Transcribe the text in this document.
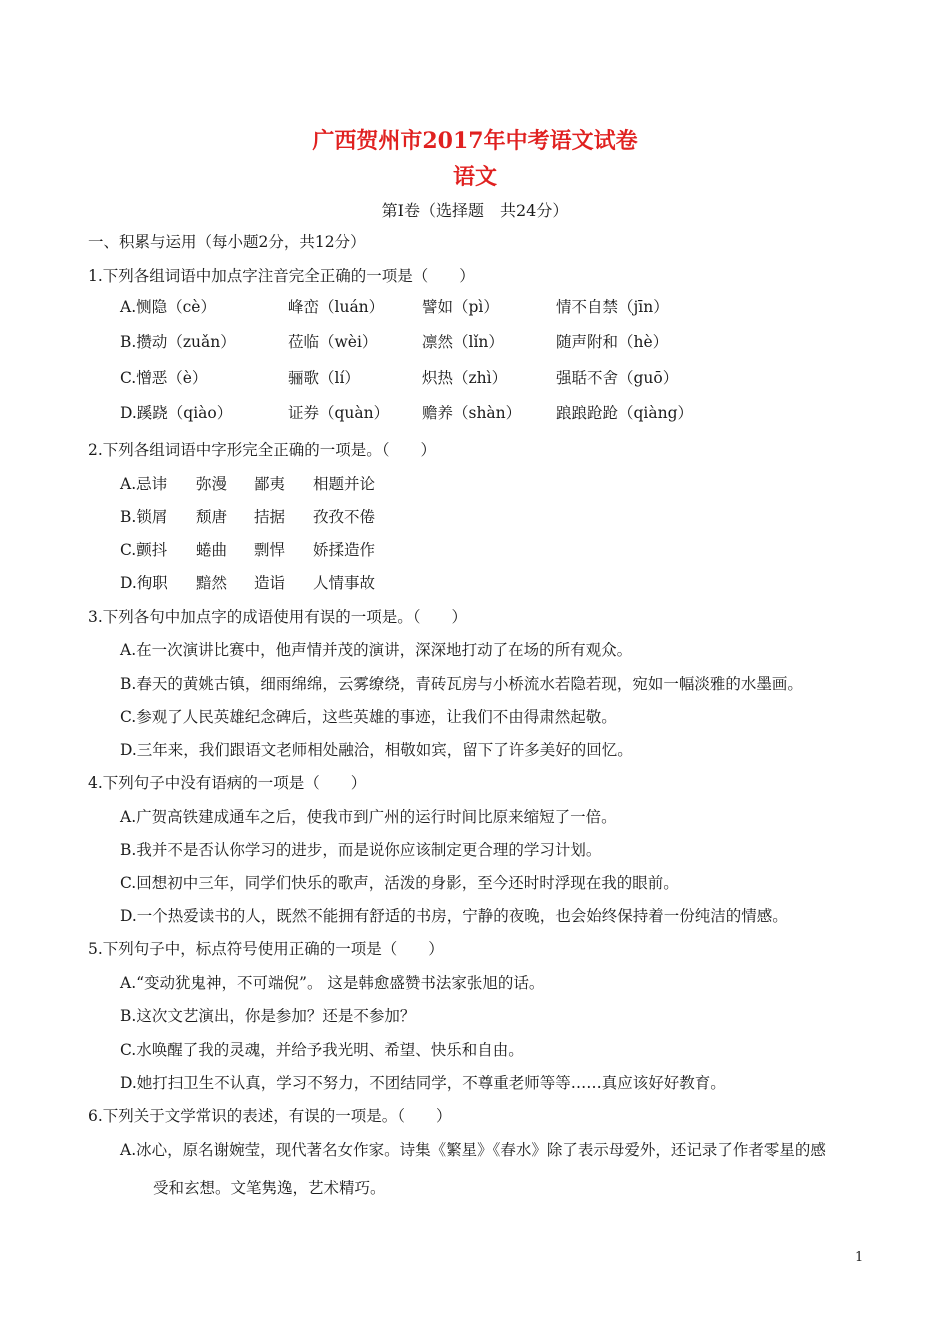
广西贺州市2017年中考语文试卷
语文
第Ⅰ卷（选择题　共24分）
一、积累与运用（每小题2分，共12分）
1.下列各组词语中加点字注音完全正确的一项是（　　）
A.恻隐（cè）	峰峦（luán） 譬如（pì）	情不自禁（jīn）
B.攒动（zuǎn）	莅临（wèi）	凛然（lǐn）	随声附和（hè）
C.憎恶（è）	骊歌（lí）	炽热（zhì）	强聒不舍（guō）
D.蹊跷（qiào）	证券（quàn） 赡养（shàn） 踉踉跄跄（qiàng）
2.下列各组词语中字形完全正确的一项是。（　　）
A.忌讳 弥漫 鄙夷 相题并论
B.锁屑 颓唐 拮据 孜孜不倦
C.颤抖 蜷曲 剽悍 娇揉造作
D.徇职 黯然 造诣 人情事故
3.下列各句中加点字的成语使用有误的一项是。（　　）
A.在一次演讲比赛中，他声情并茂的演讲，深深地打动了在场的所有观众。
B.春天的黄姚古镇，细雨绵绵，云雾缭绕，青砖瓦房与小桥流水若隐若现，宛如一幅淡雅的水墨画。
C.参观了人民英雄纪念碑后，这些英雄的事迹，让我们不由得肃然起敬。
D.三年来，我们跟语文老师相处融洽，相敬如宾，留下了许多美好的回忆。
4.下列句子中没有语病的一项是（　　）
A.广贺高铁建成通车之后，使我市到广州的运行时间比原来缩短了一倍。
B.我并不是否认你学习的进步，而是说你应该制定更合理的学习计划。
C.回想初中三年，同学们快乐的歌声，活泼的身影，至今还时时浮现在我的眼前。
D.一个热爱读书的人，既然不能拥有舒适的书房，宁静的夜晚，也会始终保持着一份纯洁的情感。
5.下列句子中，标点符号使用正确的一项是（　　）
A.“变动犹鬼神，不可端倪”。 这是韩愈盛赞书法家张旭的话。
B.这次文艺演出，你是参加？还是不参加？
C.水唤醒了我的灵魂，并给予我光明、希望、快乐和自由。
D.她打扫卫生不认真，学习不努力，不团结同学，不尊重老师等等……真应该好好教育。
6.下列关于文学常识的表述，有误的一项是。（　　）
A.冰心，原名谢婉莹，现代著名女作家。诗集《繁星》《春水》除了表示母爱外，还记录了作者零星的感
受和玄想。文笔隽逸，艺术精巧。
1
